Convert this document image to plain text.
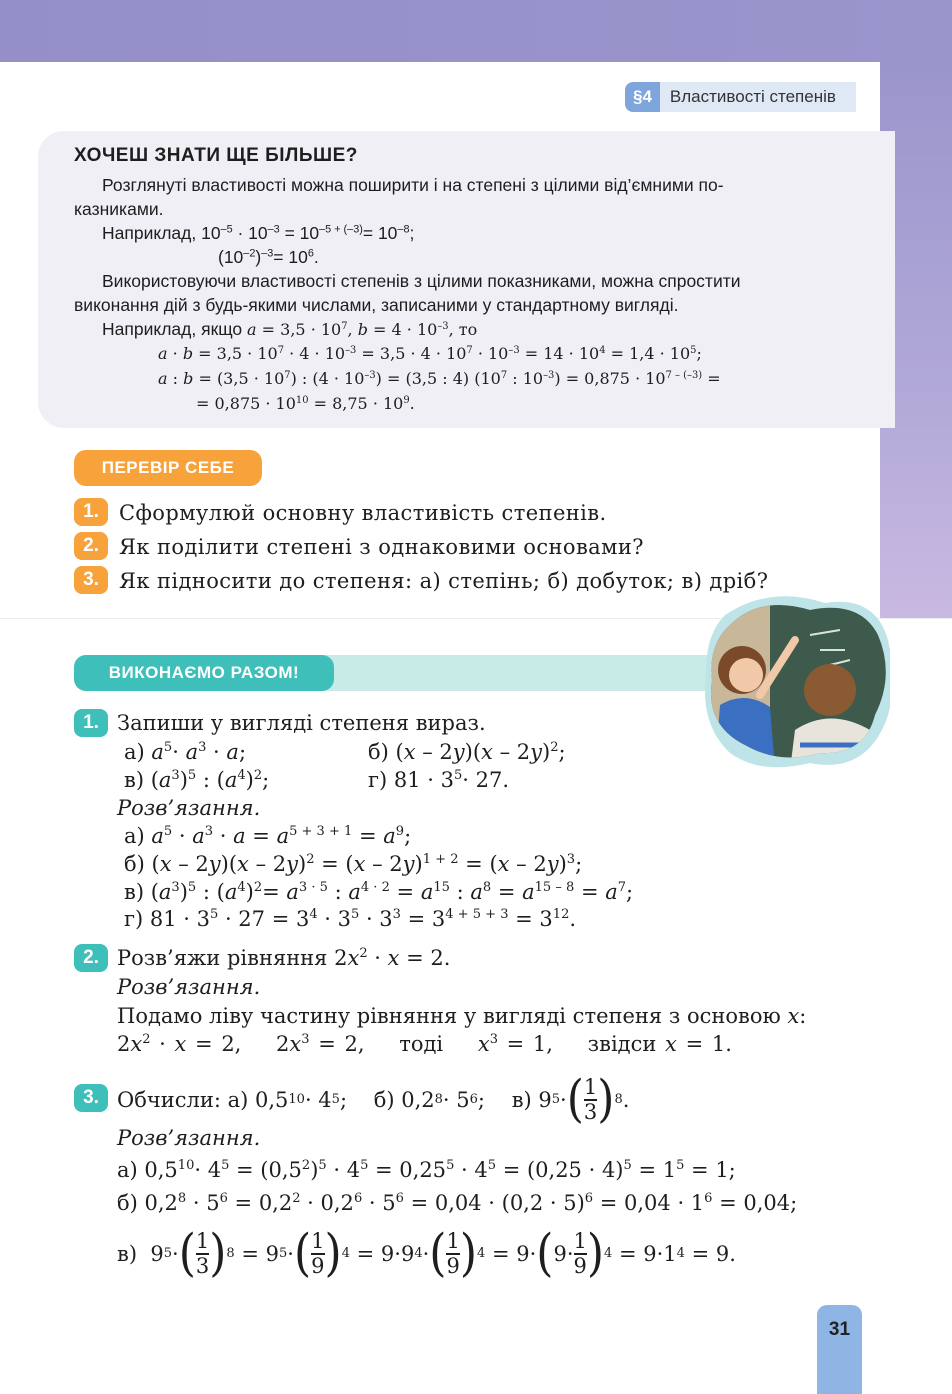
§4	Властивості степенів
ХОЧЕШ ЗНАТИ ЩЕ БІЛЬШЕ?
Розглянуті властивості можна поширити і на степені з цілими від’ємними по-
казниками.
Наприклад, $10^{-5} \cdot 10^{-3} = 10^{-5 + (-3)}= 10^{-8}$;
$(10^{-2})^{-3}= 10^6$.
Використовуючи властивості степенів з цілими показниками, можна спростити
виконання дій з будь-якими числами, записаними у стандартному вигляді.
Наприклад, якщо $a = 3,5 \cdot 10^7$, $b = 4 \cdot 10^{-3}$, то
$a \cdot b = 3,5 \cdot 10^7 \cdot 4 \cdot 10^{-3} = 3,5 \cdot 4 \cdot 10^7 \cdot 10^{-3} = 14 \cdot 10^4 = 1,4 \cdot 10^5$;
a : $b = (3,5 \cdot 10^7)$ : $(4 \cdot 10^{-3}) = (3,5$ : 4) ($10^7$ : $10^{-3}) = 0,875 \cdot 10^{7 - (-3)}$ =
= $0,875 \cdot 10^{10} = 8,75 \cdot 10^9$.
ПЕРЕВІР СЕБЕ
1. Сформулюй основну властивість степенів.
2. Як поділити степені з однаковими основами?
3. Як підносити до степеня: а) степінь; б) добуток; в) дріб?
ВИКОНАЄМО РАЗОМ!
1. Запиши у вигляді степеня вираз.
а) $a^5\cdot a^3 \cdot a$;	б) (x – 2y)(x – 2y)$^2$;
в) $(a^3)^5$ : $(a^4)^2$;	г) $81 \cdot 3^5\cdot 27$.
Розв’язання.
а) $a^5 \cdot a^3 \cdot a = a^{5 + 3 + 1} = a^9$;
б) (x – 2y)(x – 2y)$^2$ = (x – 2y)$^{1 + 2}$ = (x – 2y)$^3$;
в) $(a^3)^5$ : $(a^4)^2= a^{3 \cdot 5}$ : $a^{4 \cdot 2} = a^{15}$ : $a^8 = a^{15 - 8} = a^7$;
г) $81 \cdot 3^5 \cdot 27 = 3^4 \cdot 3^5 \cdot 3^3 = 3^{4 + 5 + 3} = 3^{12}$.
2. Розв’яжи рівняння $2x^2 \cdot x = 2$.
Розв’язання.
Подамо ліву частину рівняння у вигляді степеня з основою x:
$2x^2 \cdot x = 2$,    $2x^3 = 2$,    тоді $x^3 = 1$,    звідси x = 1.
3. Обчисли: а) 0,5 10 · 4 5 ;    б) 0,2 8 · 5 6 ;    в) 9 5 · ( 1
3 ) 8 .
Розв’язання.
а) $0,5^{10}\cdot 4^5 = (0,5^2)^5 \cdot 4^5 = 0,25^5 \cdot 4^5 = (0,25 \cdot 4)^5 = 1^5 = 1$;
б) $0,2^8 \cdot 5^6 = 0,2^2 \cdot 0,2^6 \cdot 5^6 = 0,04 \cdot (0,2 \cdot 5)^6 = 0,04 \cdot 1^6 = 0,04$;
в)  9 5 · ( 1
3 ) 8 = 9 5 · ( 1
9 ) 4 = 9·9 4 · ( 1
9 ) 4 = 9· ( 9·
1
9 ) 4 = 9·1 4 = 9.
31
